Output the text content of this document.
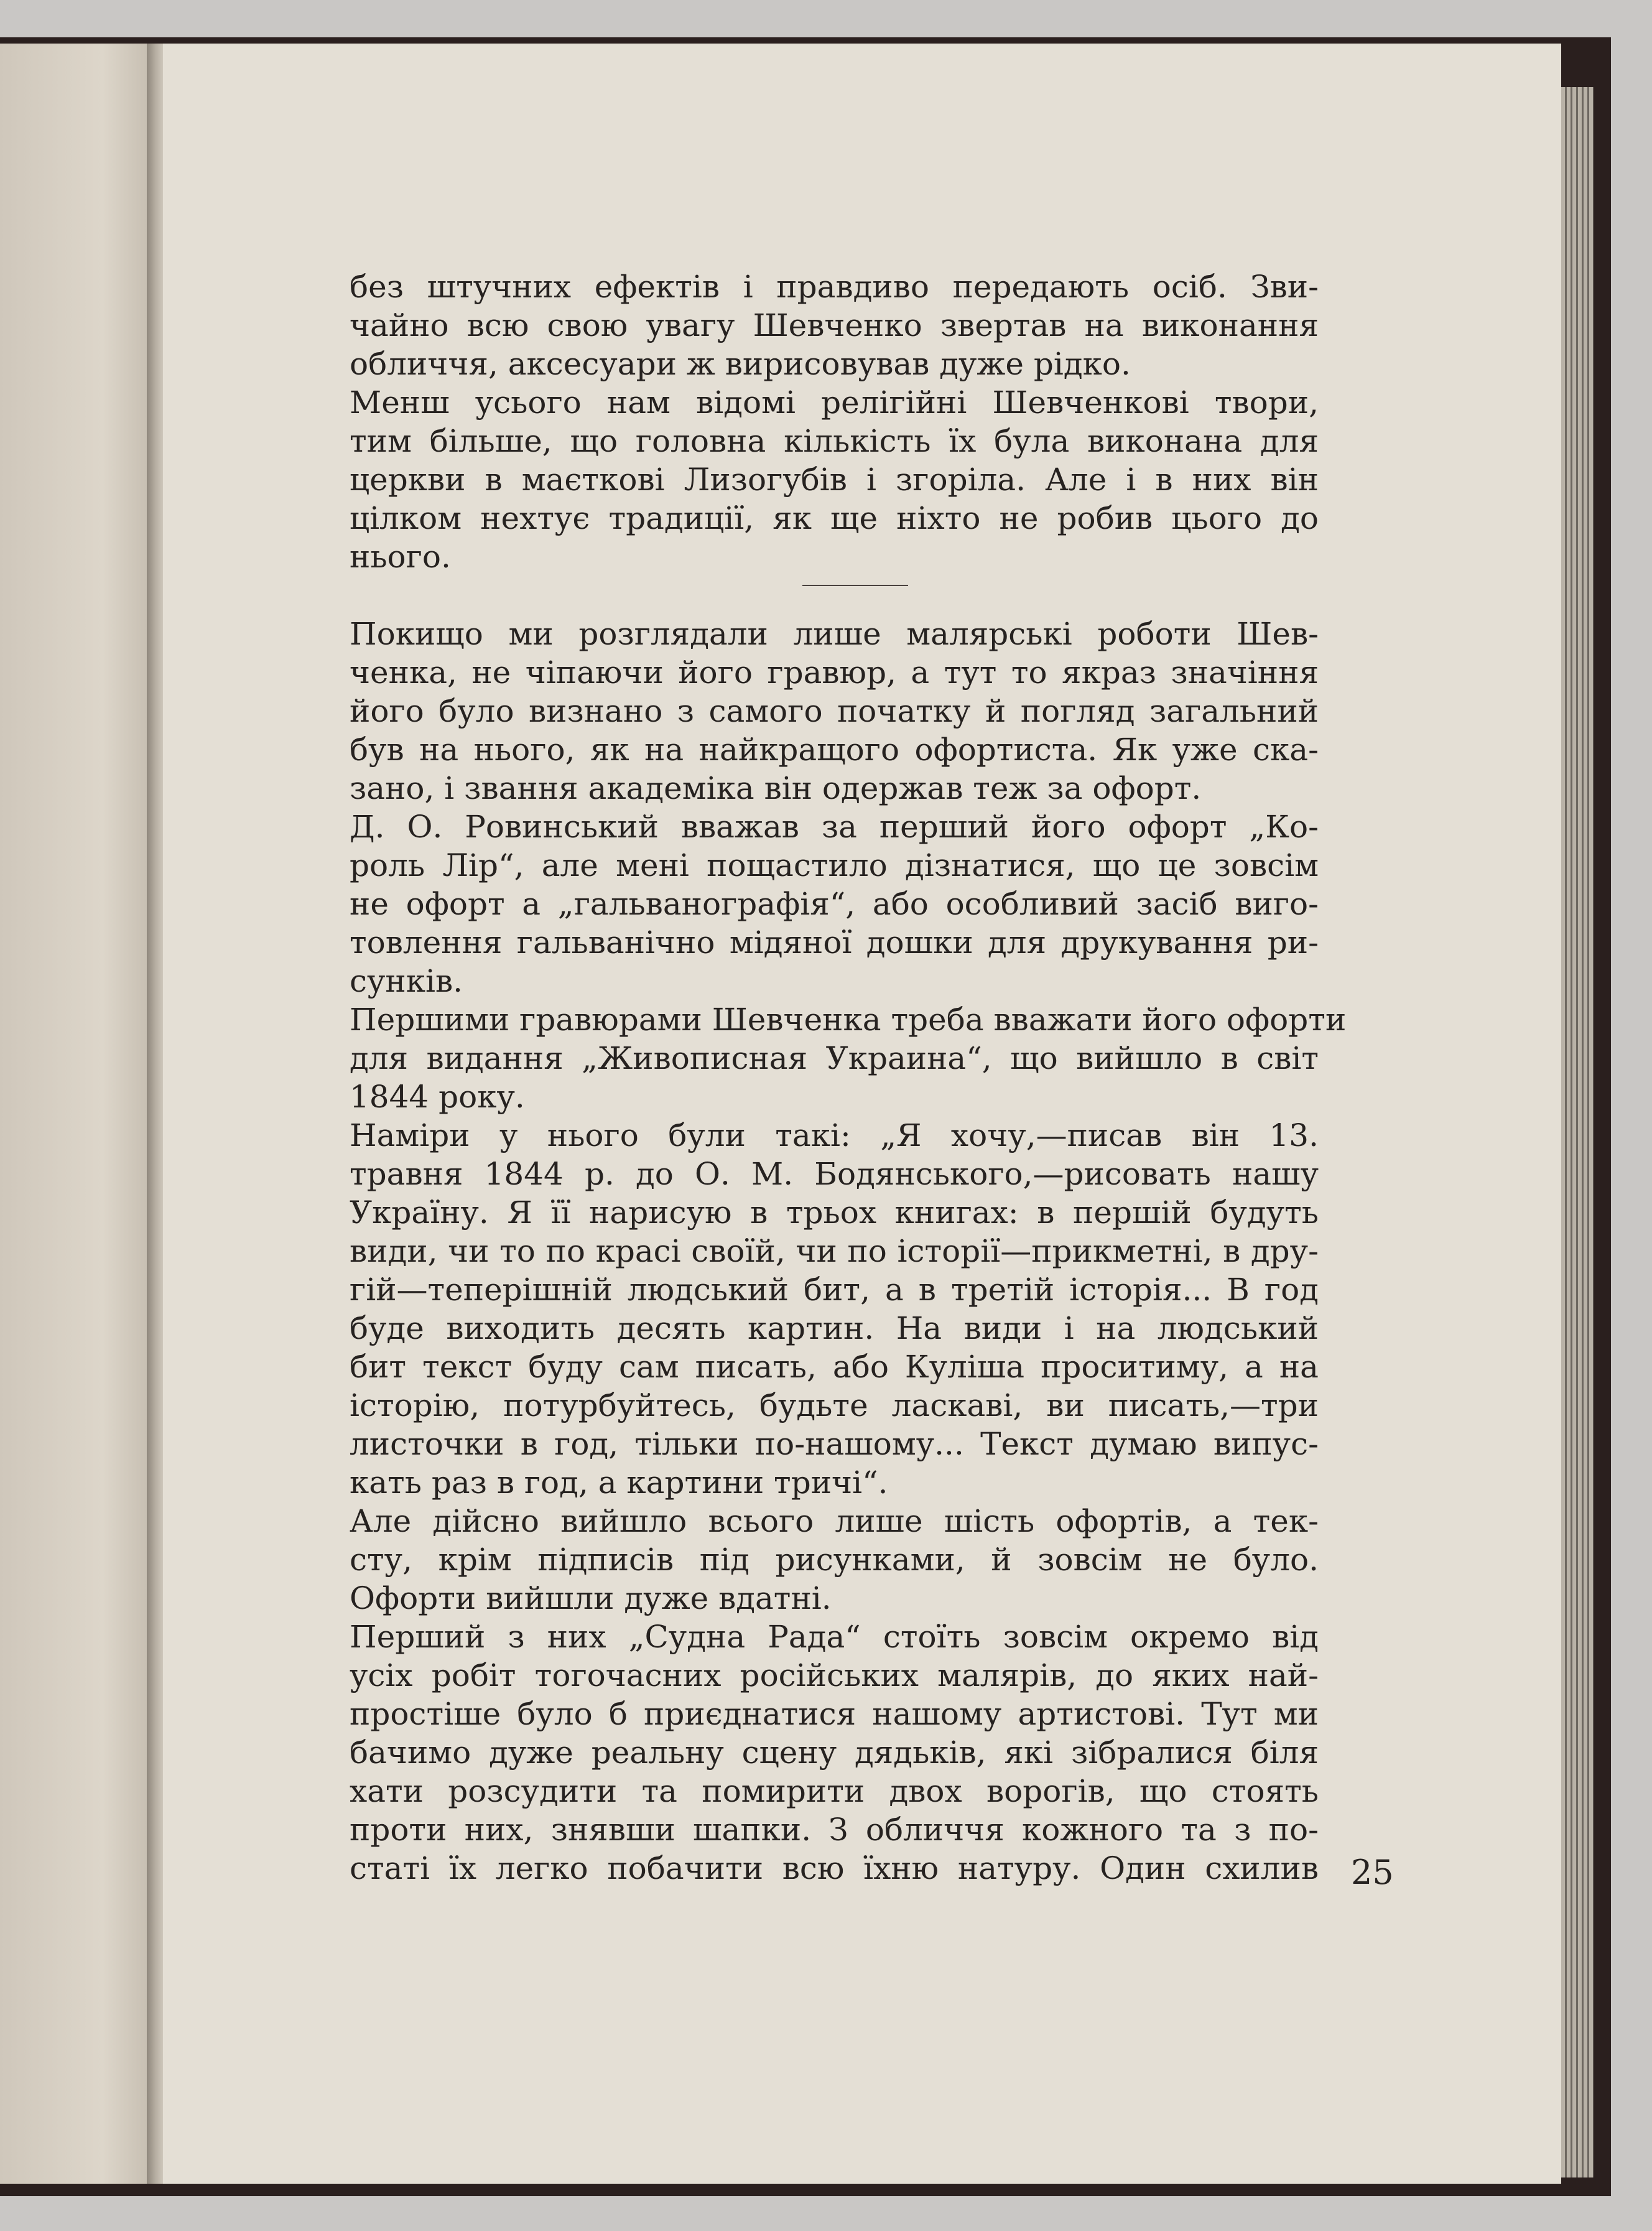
без штучних ефектів і правдиво передають осіб. Зви-
чайно всю свою увагу Шевченко звертав на виконання
обличчя, аксесуари ж вирисовував дуже рідко.
Менш усього нам відомі релігійні Шевченкові твори,
тим більше, що головна кількість їх була виконана для
церкви в маєткові Лизогубів і згоріла. Але і в них він
цілком нехтує традиції, як ще ніхто не робив цього до
нього.
Покищо ми розглядали лише малярські роботи Шев-
ченка, не чіпаючи його гравюр, а тут то якраз значіння
його було визнано з самого початку й погляд загальний
був на нього, як на найкращого офортиста. Як уже ска-
зано, і звання академіка він одержав теж за офорт.
Д. О. Ровинський вважав за перший його офорт „Ко-
роль Лір“, але мені пощастило дізнатися, що це зовсім
не офорт а „гальванографія“, або особливий засіб виго-
товлення гальванічно мідяної дошки для друкування ри-
сунків.
Першими гравюрами Шевченка треба вважати його офорти
для видання „Живописная Украина“, що вийшло в світ
1844 року.
Наміри у нього були такі: „Я хочу,—писав він 13.
травня 1844 р. до О. М. Бодянського,—рисовать нашу
Україну. Я її нарисую в трьох книгах: в першій будуть
види, чи то по красі своїй, чи по історії—прикметні, в дру-
гій—теперішній людський бит, а в третій історія... В год
буде виходить десять картин. На види і на людський
бит текст буду сам писать, або Куліша проситиму, а на
історію, потурбуйтесь, будьте ласкаві, ви писать,—три
листочки в год, тільки по-нашому... Текст думаю випус-
кать раз в год, а картини тричі“.
Але дійсно вийшло всього лише шість офортів, а тек-
сту, крім підписів під рисунками, й зовсім не було.
Офорти вийшли дуже вдатні.
Перший з них „Судна Рада“ стоїть зовсім окремо від
усіх робіт тогочасних російських малярів, до яких най-
простіше було б приєднатися нашому артистові. Тут ми
бачимо дуже реальну сцену дядьків, які зібралися біля
хати розсудити та помирити двох ворогів, що стоять
проти них, знявши шапки. З обличчя кожного та з по-
статі їх легко побачити всю їхню натуру. Один схилив 25
